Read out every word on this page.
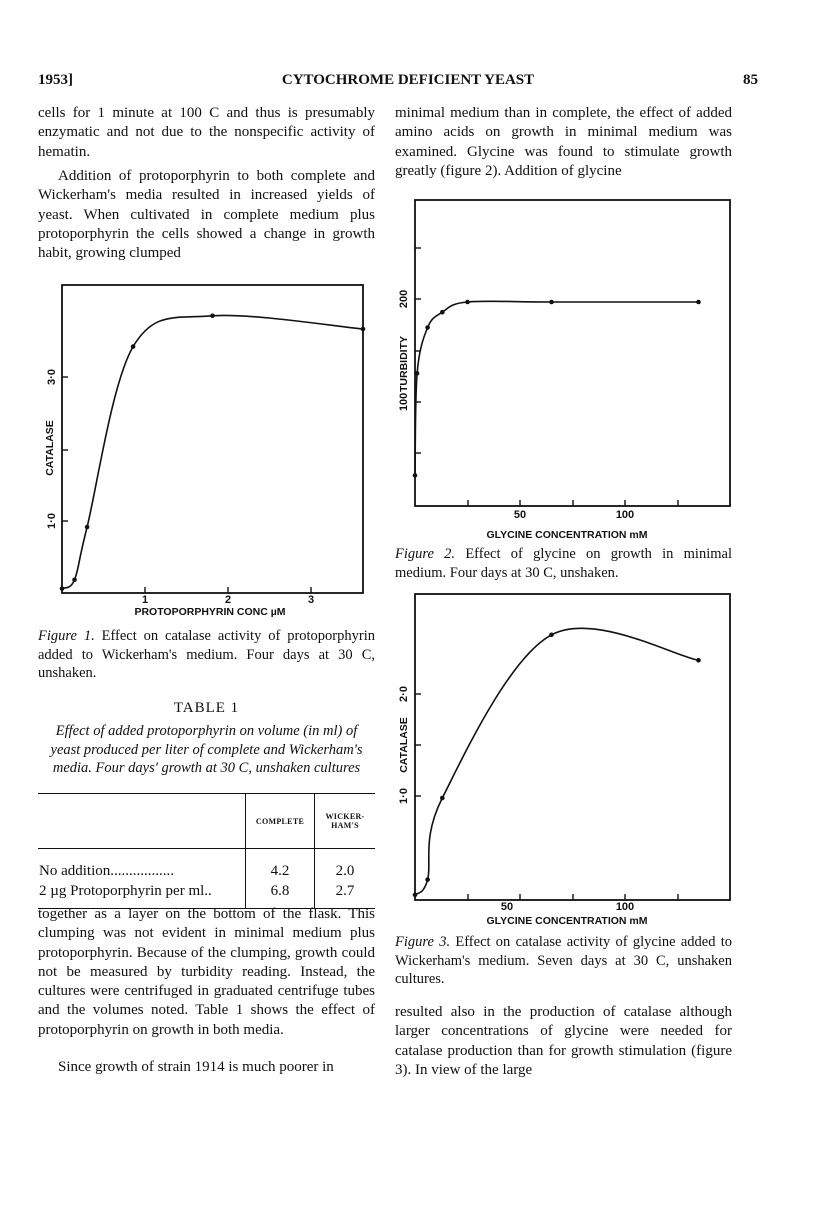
1953]	CYTOCHROME DEFICIENT YEAST	85

cells for 1 minute at 100 C and thus is presumably enzymatic and not due to the nonspecific activity of hematin.

Addition of protoporphyrin to both complete and Wickerham's media resulted in increased yields of yeast. When cultivated in complete medium plus protoporphyrin the cells showed a change in growth habit, growing clumped

1	2	3
PROTOPORPHYRIN CONC µM
1·0
3·0
CATALASE

Figure 1. Effect on catalase activity of protoporphyrin added to Wickerham's medium. Four days at 30 C, unshaken.

TABLE 1
Effect of added protoporphyrin on volume (in ml) of yeast produced per liter of complete and Wickerham's media. Four days' growth at 30 C, unshaken cultures
	COMPLETE	WICKER-HAM'S

No addition.................	4.2	2.0
2 µg Protoporphyrin per ml..	6.8	2.7

together as a layer on the bottom of the flask. This clumping was not evident in minimal medium plus protoporphyrin. Because of the clumping, growth could not be measured by turbidity reading. Instead, the cultures were centrifuged in graduated centrifuge tubes and the volumes noted. Table 1 shows the effect of protoporphyrin on growth in both media.

Since growth of strain 1914 is much poorer in

minimal medium than in complete, the effect of added amino acids on growth in minimal medium was examined. Glycine was found to stimulate growth greatly (figure 2). Addition of glycine

50	100
GLYCINE CONCENTRATION mM
200
TURBIDITY
100

Figure 2. Effect of glycine on growth in minimal medium. Four days at 30 C, unshaken.

50	100
GLYCINE CONCENTRATION mM
2·0
CATALASE
1·0

Figure 3. Effect on catalase activity of glycine added to Wickerham's medium. Seven days at 30 C, unshaken cultures.

resulted also in the production of catalase although larger concentrations of glycine were needed for catalase production than for growth stimulation (figure 3). In view of the large
